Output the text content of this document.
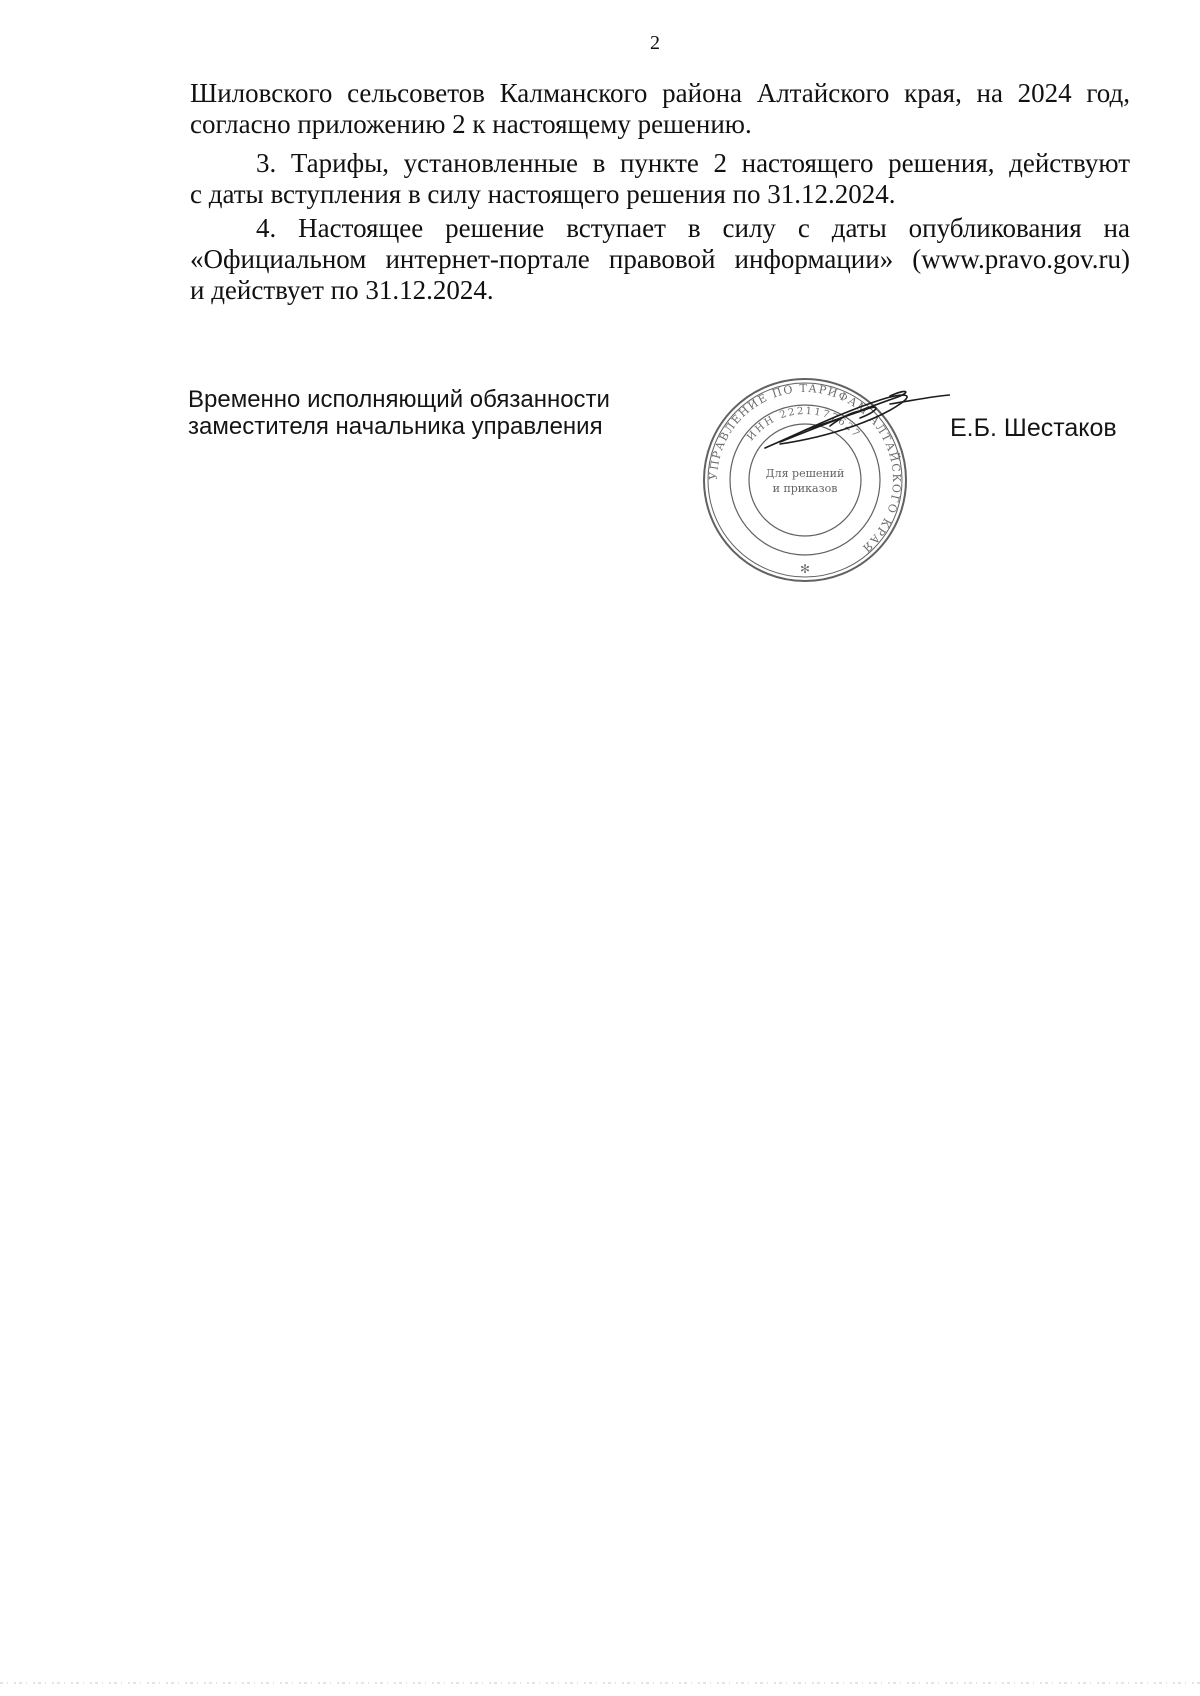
2
Шиловского сельсоветов Калманского района Алтайского края, на 2024 год,
согласно приложению 2 к настоящему решению.
3. Тарифы, установленные в пункте 2 настоящего решения, действуют
с даты вступления в силу настоящего решения по 31.12.2024.
4. Настоящее решение вступает в силу с даты опубликования на
«Официальном интернет-портале правовой информации» (www.pravo.gov.ru)
и действует по 31.12.2024.
Временно исполняющий обязанности
заместителя начальника управления
УПРАВЛЕНИЕ ПО ТАРИФАМ АЛТАЙСКОГО КРАЯ
ИНН 2221177627
Для решений
и приказов
✻
Е.Б. Шестаков
